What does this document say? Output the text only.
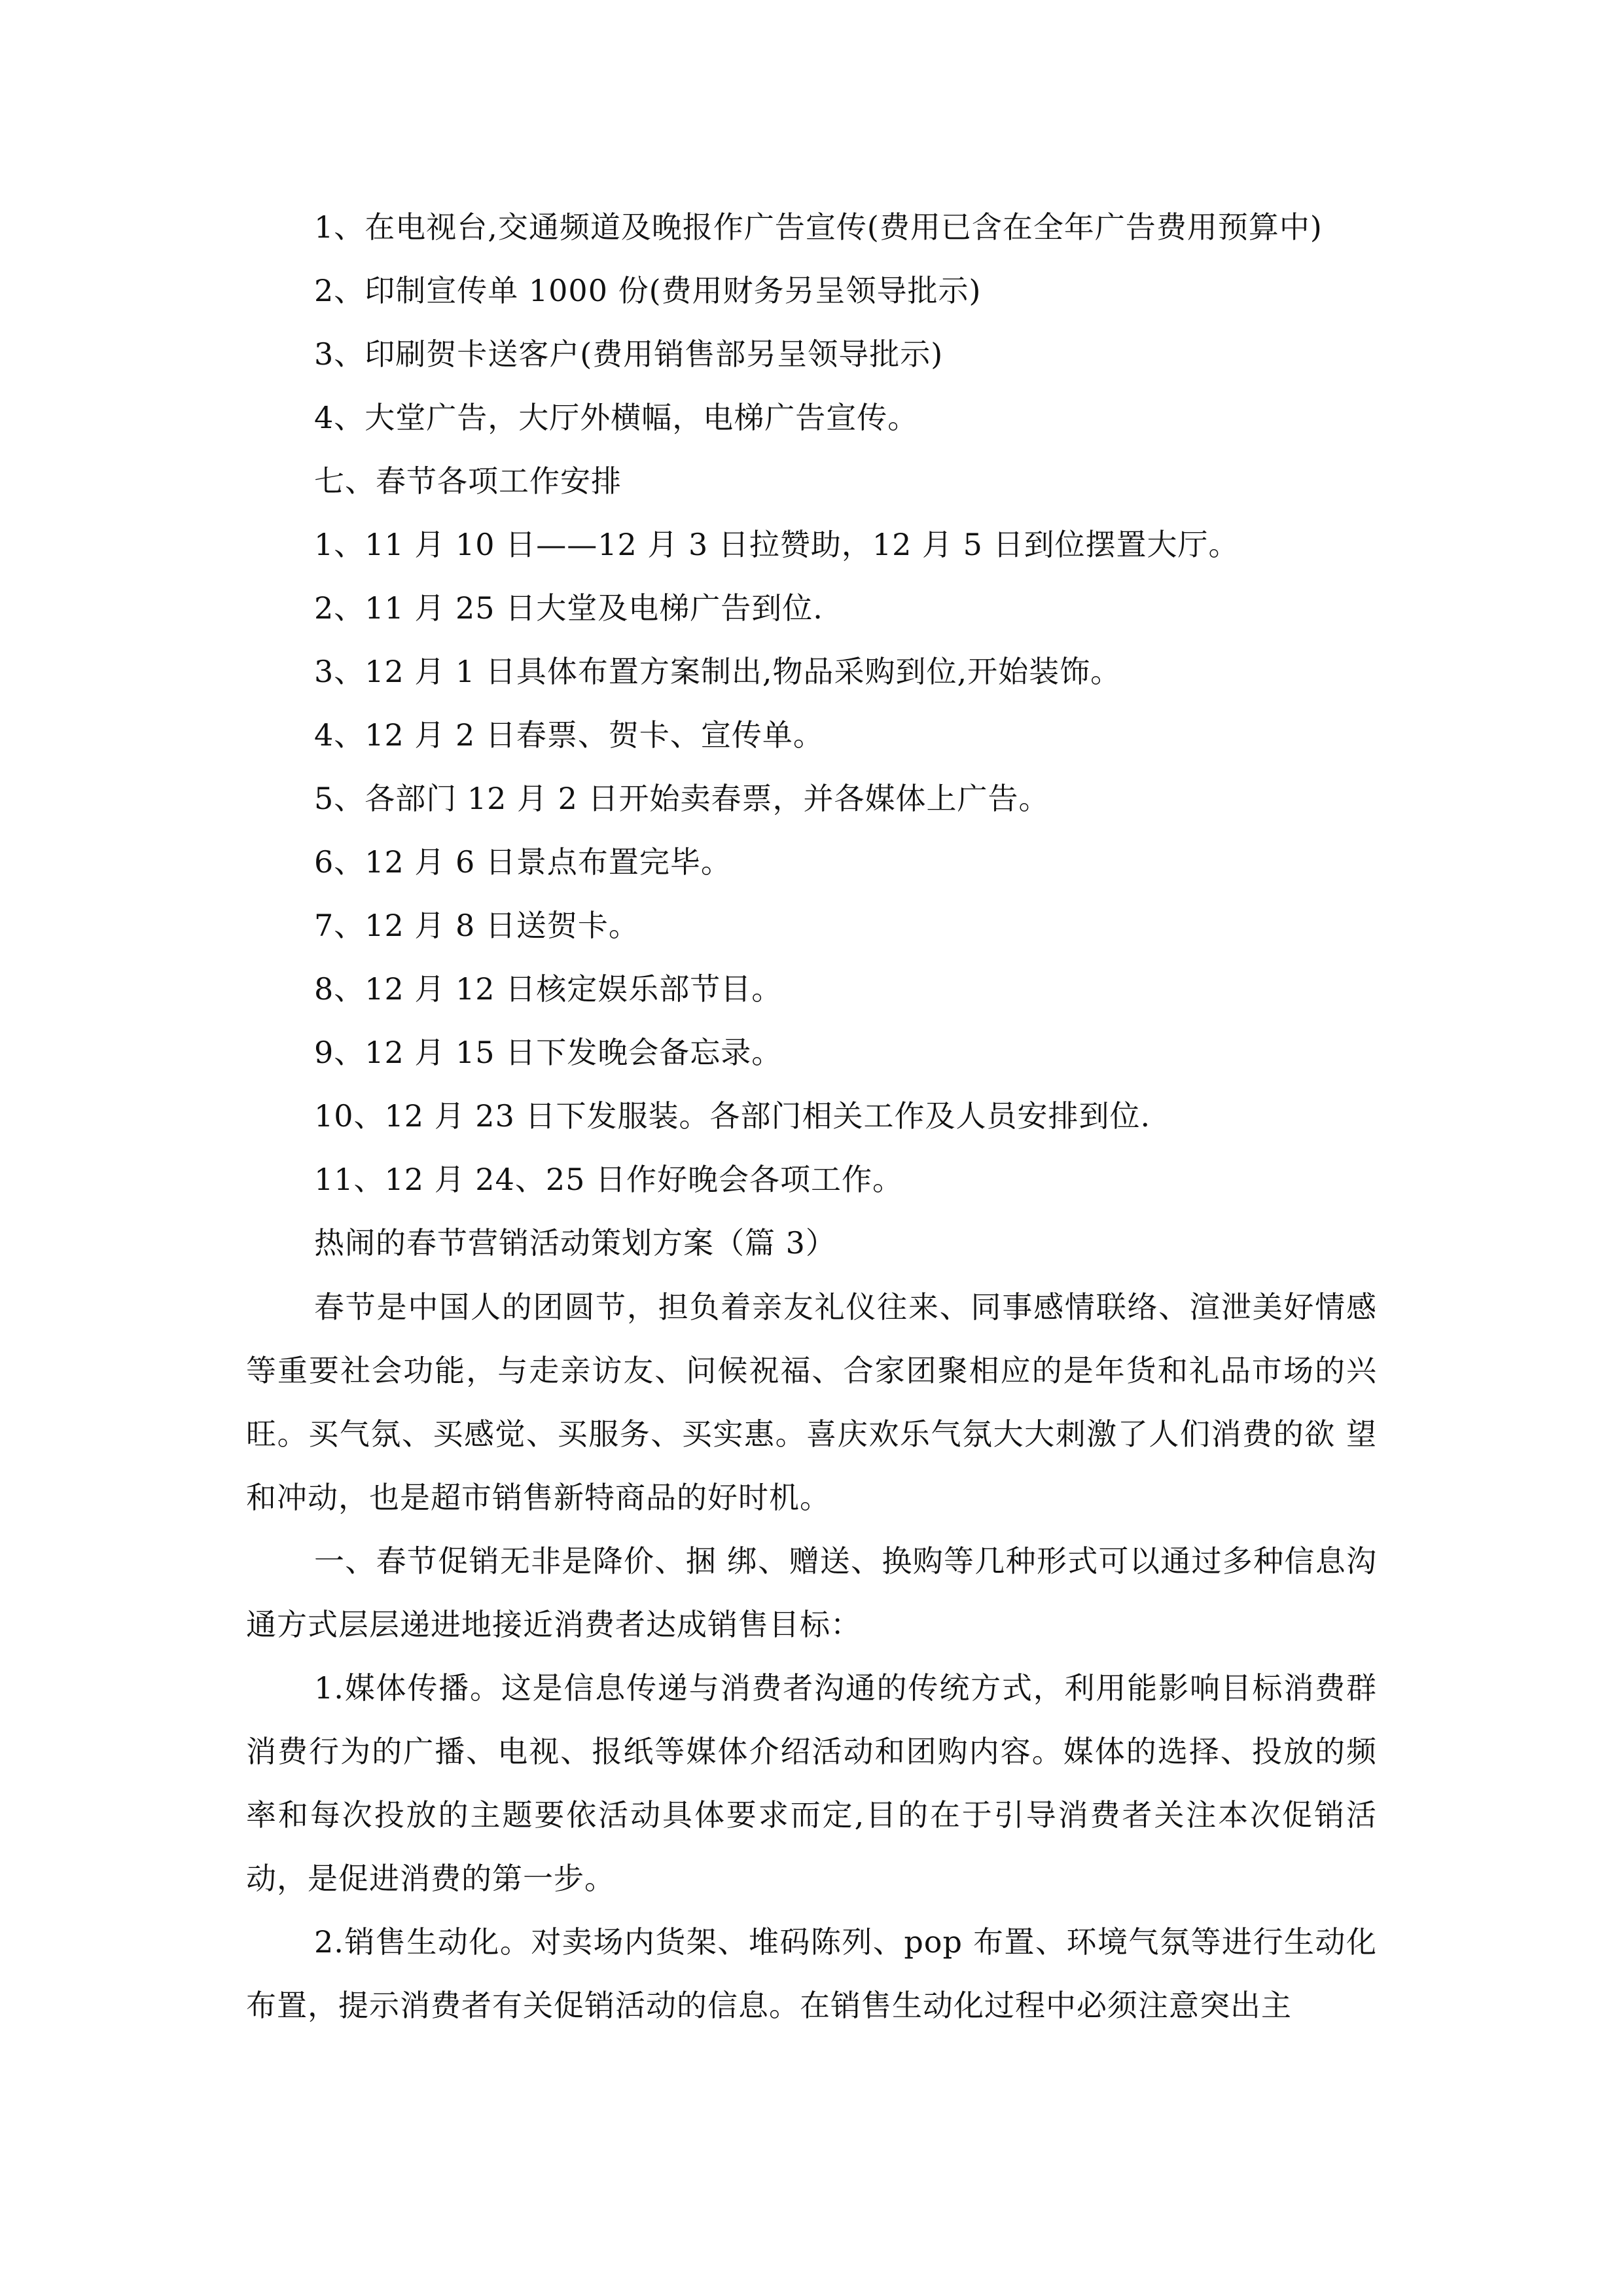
1、在电视台,交通频道及晚报作广告宣传(费用已含在全年广告费用预算中)
2、印制宣传单 1000 份(费用财务另呈领导批示)
3、印刷贺卡送客户(费用销售部另呈领导批示)
4、大堂广告，大厅外横幅，电梯广告宣传。
七、春节各项工作安排
1、11 月 10 日——12 月 3 日拉赞助，12 月 5 日到位摆置大厅。
2、11 月 25 日大堂及电梯广告到位.
3、12 月 1 日具体布置方案制出,物品采购到位,开始装饰。
4、12 月 2 日春票、贺卡、宣传单。
5、各部门 12 月 2 日开始卖春票，并各媒体上广告。
6、12 月 6 日景点布置完毕。
7、12 月 8 日送贺卡。
8、12 月 12 日核定娱乐部节目。
9、12 月 15 日下发晚会备忘录。
10、12 月 23 日下发服装。各部门相关工作及人员安排到位.
11、12 月 24、25 日作好晚会各项工作。
热闹的春节营销活动策划方案（篇 3）
春节是中国人的团圆节，担负着亲友礼仪往来、同事感情联络、渲泄美好情感等重要社会功能，与走亲访友、问候祝福、合家团聚相应的是年货和礼品市场的兴旺。买气氛、买感觉、买服务、买实惠。喜庆欢乐气氛大大刺激了人们消费的欲 望和冲动，也是超市销售新特商品的好时机。
一、春节促销无非是降价、捆 绑、赠送、换购等几种形式可以通过多种信息沟通方式层层递进地接近消费者达成销售目标：
1.媒体传播。这是信息传递与消费者沟通的传统方式，利用能影响目标消费群消费行为的广播、电视、报纸等媒体介绍活动和团购内容。媒体的选择、投放的频率和每次投放的主题要依活动具体要求而定,目的在于引导消费者关注本次促销活动，是促进消费的第一步。
2.销售生动化。对卖场内货架、堆码陈列、pop 布置、环境气氛等进行生动化布置，提示消费者有关促销活动的信息。在销售生动化过程中必须注意突出主
